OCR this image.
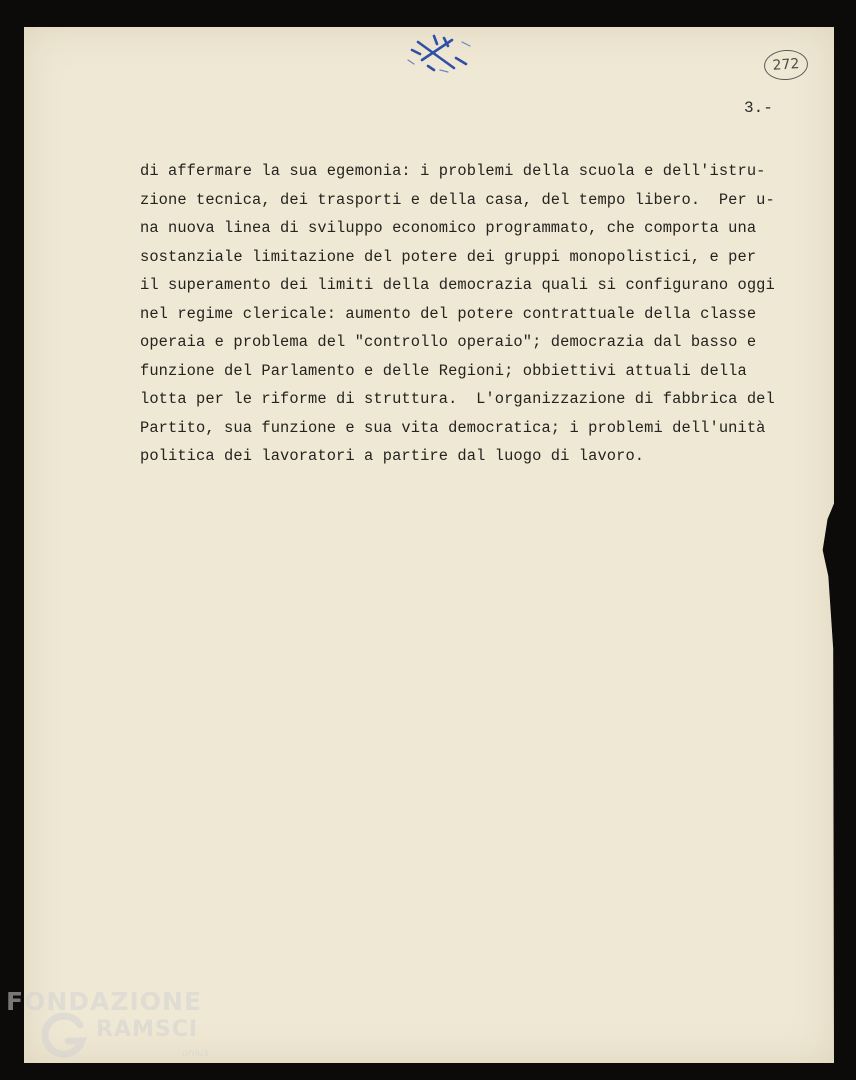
272
3.-
di affermare la sua egemonia: i problemi della scuola e dell'istru-
zione tecnica, dei trasporti e della casa, del tempo libero.  Per u-
na nuova linea di sviluppo economico programmato, che comporta una
sostanziale limitazione del potere dei gruppi monopolistici, e per
il superamento dei limiti della democrazia quali si configurano oggi
nel regime clericale: aumento del potere contrattuale della classe
operaia e problema del "controllo operaio"; democrazia dal basso e
funzione del Parlamento e delle Regioni; obbiettivi attuali della
lotta per le riforme di struttura.  L'organizzazione di fabbrica del
Partito, sua funzione e sua vita democratica; i problemi dell'unità
politica dei lavoratori a partire dal luogo di lavoro.
FONDAZIONE
RAMSCI
onlus
